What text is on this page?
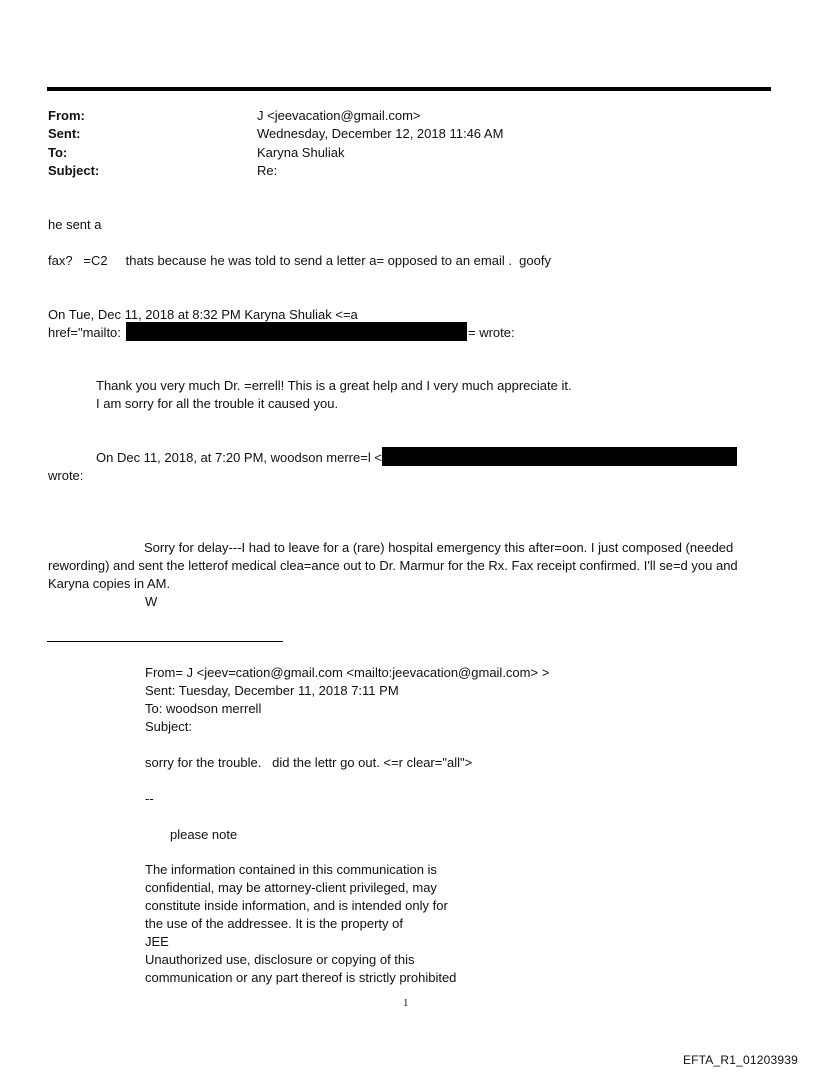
From:	J <jeevacation@gmail.com>
Sent:	Wednesday, December 12, 2018 11:46 AM
To:	Karyna Shuliak
Subject:	Re:
he sent a
fax?   =C2     thats because he was told to send a letter a= opposed to an email .  goofy
On Tue, Dec 11, 2018 at 8:32 PM Karyna Shuliak <=a
href="mailto:	= wrote:
Thank you very much Dr. =errell! This is a great help and I very much appreciate it.
I am sorry for all the trouble it caused you.
On Dec 11, 2018, at 7:20 PM, woodson merre=l <
wrote:
Sorry for delay---I had to leave for a (rare) hospital emergency this after=oon. I just composed (needed rewording) and sent the letterof medical clea=ance out to Dr. Marmur for the Rx. Fax receipt confirmed. I'll se=d you and Karyna copies in AM.
W
From= J <jeev=cation@gmail.com <mailto:jeevacation@gmail.com> >
Sent: Tuesday, December 11, 2018 7:11 PM
To: woodson merrell
Subject:
sorry for the trouble.   did the lettr go out. <=r clear="all">
--
please note
The information contained in this communication is
confidential, may be attorney-client privileged, may
constitute inside information, and is intended only for
the use of the addressee. It is the property of
JEE
Unauthorized use, disclosure or copying of this
communication or any part thereof is strictly prohibited
1
EFTA_R1_01203939
